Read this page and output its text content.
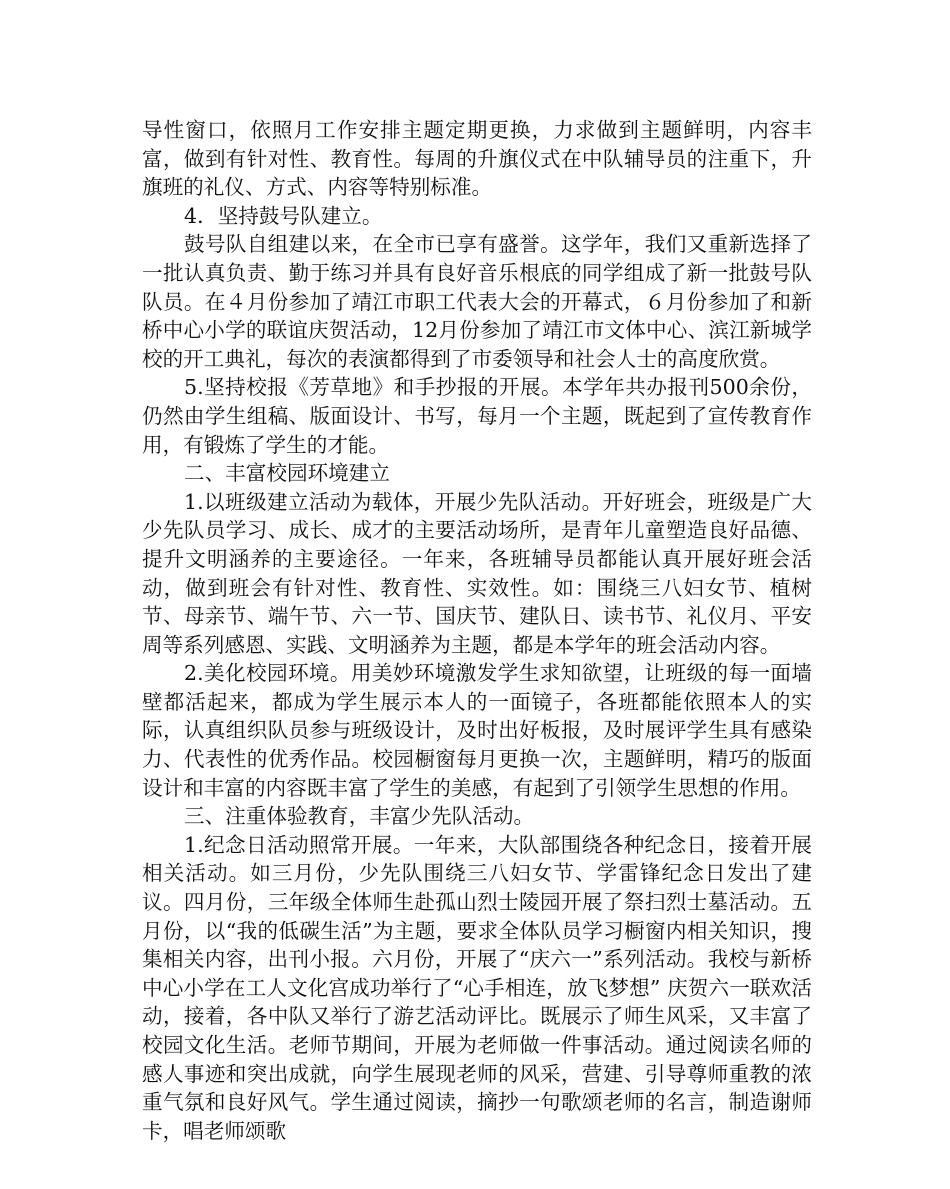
导性窗口，依照月工作安排主题定期更换，力求做到主题鲜明，内容丰富，做到有针对性、教育性。每周的升旗仪式在中队辅导员的注重下，升旗班的礼仪、方式、内容等特别标准。

4．坚持鼓号队建立。

鼓号队自组建以来，在全市已享有盛誉。这学年，我们又重新选择了一批认真负责、勤于练习并具有良好音乐根底的同学组成了新一批鼓号队队员。在４月份参加了靖江市职工代表大会的开幕式，６月份参加了和新桥中心小学的联谊庆贺活动，12月份参加了靖江市文体中心、滨江新城学校的开工典礼，每次的表演都得到了市委领导和社会人士的高度欣赏。

5.坚持校报《芳草地》和手抄报的开展。本学年共办报刊500余份，仍然由学生组稿、版面设计、书写，每月一个主题，既起到了宣传教育作用，有锻炼了学生的才能。

二、丰富校园环境建立

1.以班级建立活动为载体，开展少先队活动。开好班会，班级是广大少先队员学习、成长、成才的主要活动场所，是青年儿童塑造良好品德、提升文明涵养的主要途径。一年来，各班辅导员都能认真开展好班会活动，做到班会有针对性、教育性、实效性。如：围绕三八妇女节、植树节、母亲节、端午节、六一节、国庆节、建队日、读书节、礼仪月、平安周等系列感恩、实践、文明涵养为主题，都是本学年的班会活动内容。

2.美化校园环境。用美妙环境激发学生求知欲望，让班级的每一面墙壁都活起来，都成为学生展示本人的一面镜子，各班都能依照本人的实际，认真组织队员参与班级设计，及时出好板报，及时展评学生具有感染力、代表性的优秀作品。校园橱窗每月更换一次，主题鲜明，精巧的版面设计和丰富的内容既丰富了学生的美感，有起到了引领学生思想的作用。

三、注重体验教育，丰富少先队活动。

1.纪念日活动照常开展。一年来，大队部围绕各种纪念日，接着开展相关活动。如三月份，少先队围绕三八妇女节、学雷锋纪念日发出了建议。四月份，三年级全体师生赴孤山烈士陵园开展了祭扫烈士墓活动。五月份，以“我的低碳生活”为主题，要求全体队员学习橱窗内相关知识，搜集相关内容，出刊小报。六月份，开展了“庆六一”系列活动。我校与新桥中心小学在工人文化宫成功举行了“心手相连，放飞梦想” 庆贺六一联欢活动，接着，各中队又举行了游艺活动评比。既展示了师生风采，又丰富了校园文化生活。老师节期间，开展为老师做一件事活动。通过阅读名师的感人事迹和突出成就，向学生展现老师的风采，营建、引导尊师重教的浓重气氛和良好风气。学生通过阅读，摘抄一句歌颂老师的名言，制造谢师卡，唱老师颂歌
